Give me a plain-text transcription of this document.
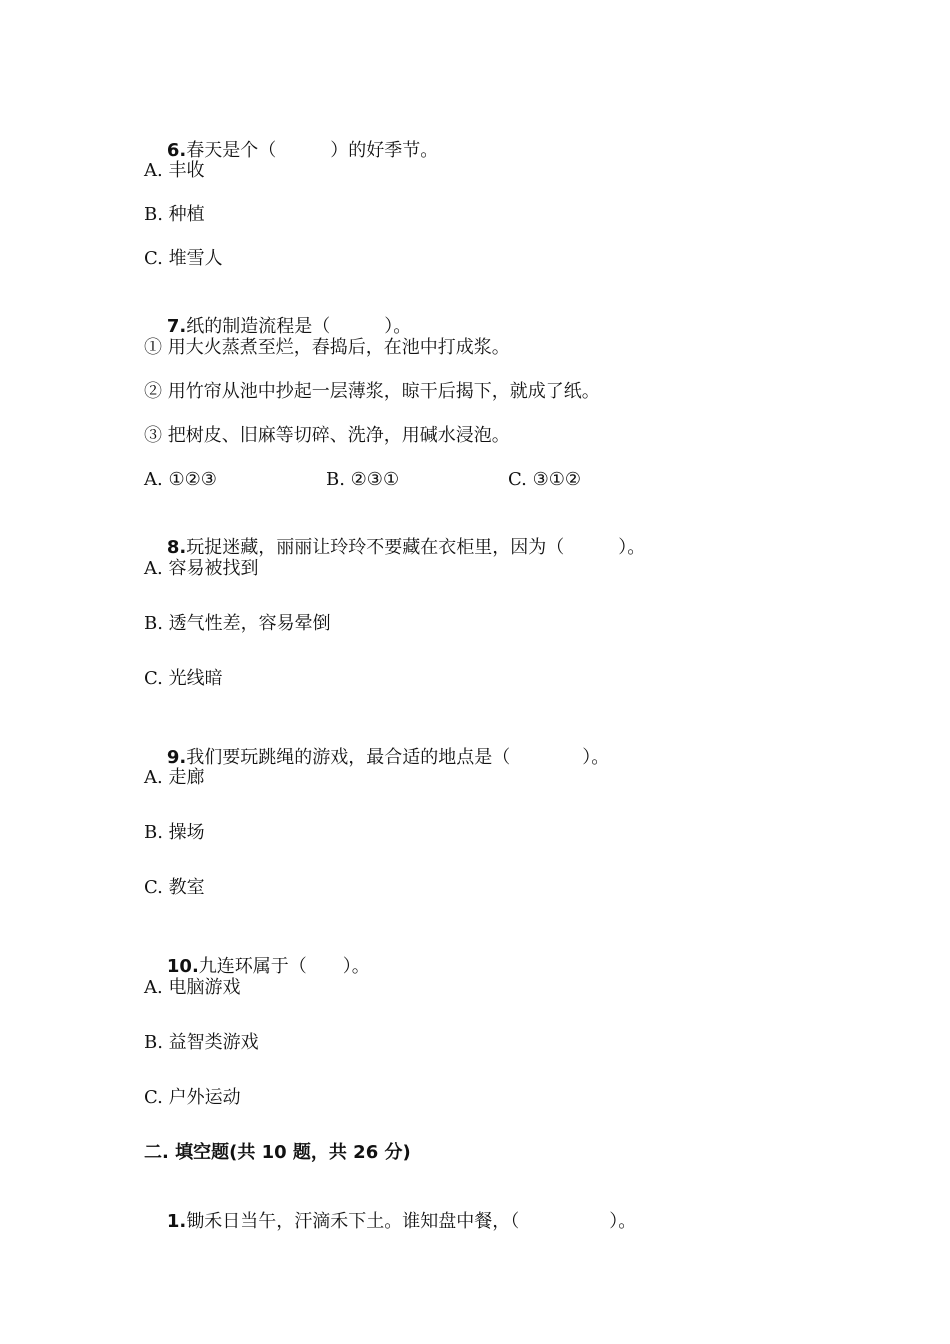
6.春天是个（　　　）的好季节。

A. 丰收
B. 种植
C. 堆雪人

7.纸的制造流程是（　　　）。

① 用大火蒸煮至烂，舂捣后，在池中打成浆。
② 用竹帘从池中抄起一层薄浆，晾干后揭下，就成了纸。
③ 把树皮、旧麻等切碎、洗净，用碱水浸泡。

A. ①②③

	B. ②③①

	C. ③①②

8.玩捉迷藏，丽丽让玲玲不要藏在衣柜里，因为（　　　）。

A. 容易被找到
B. 透气性差，容易晕倒
C. 光线暗

9.我们要玩跳绳的游戏，最合适的地点是（　　　　）。

A. 走廊
B. 操场
C. 教室

10.九连环属于（　　）。

A. 电脑游戏
B. 益智类游戏
C. 户外运动
二. 填空题(共 10 题，共 26 分)

1.锄禾日当午，汗滴禾下土。谁知盘中餐，（　　　　　）。
